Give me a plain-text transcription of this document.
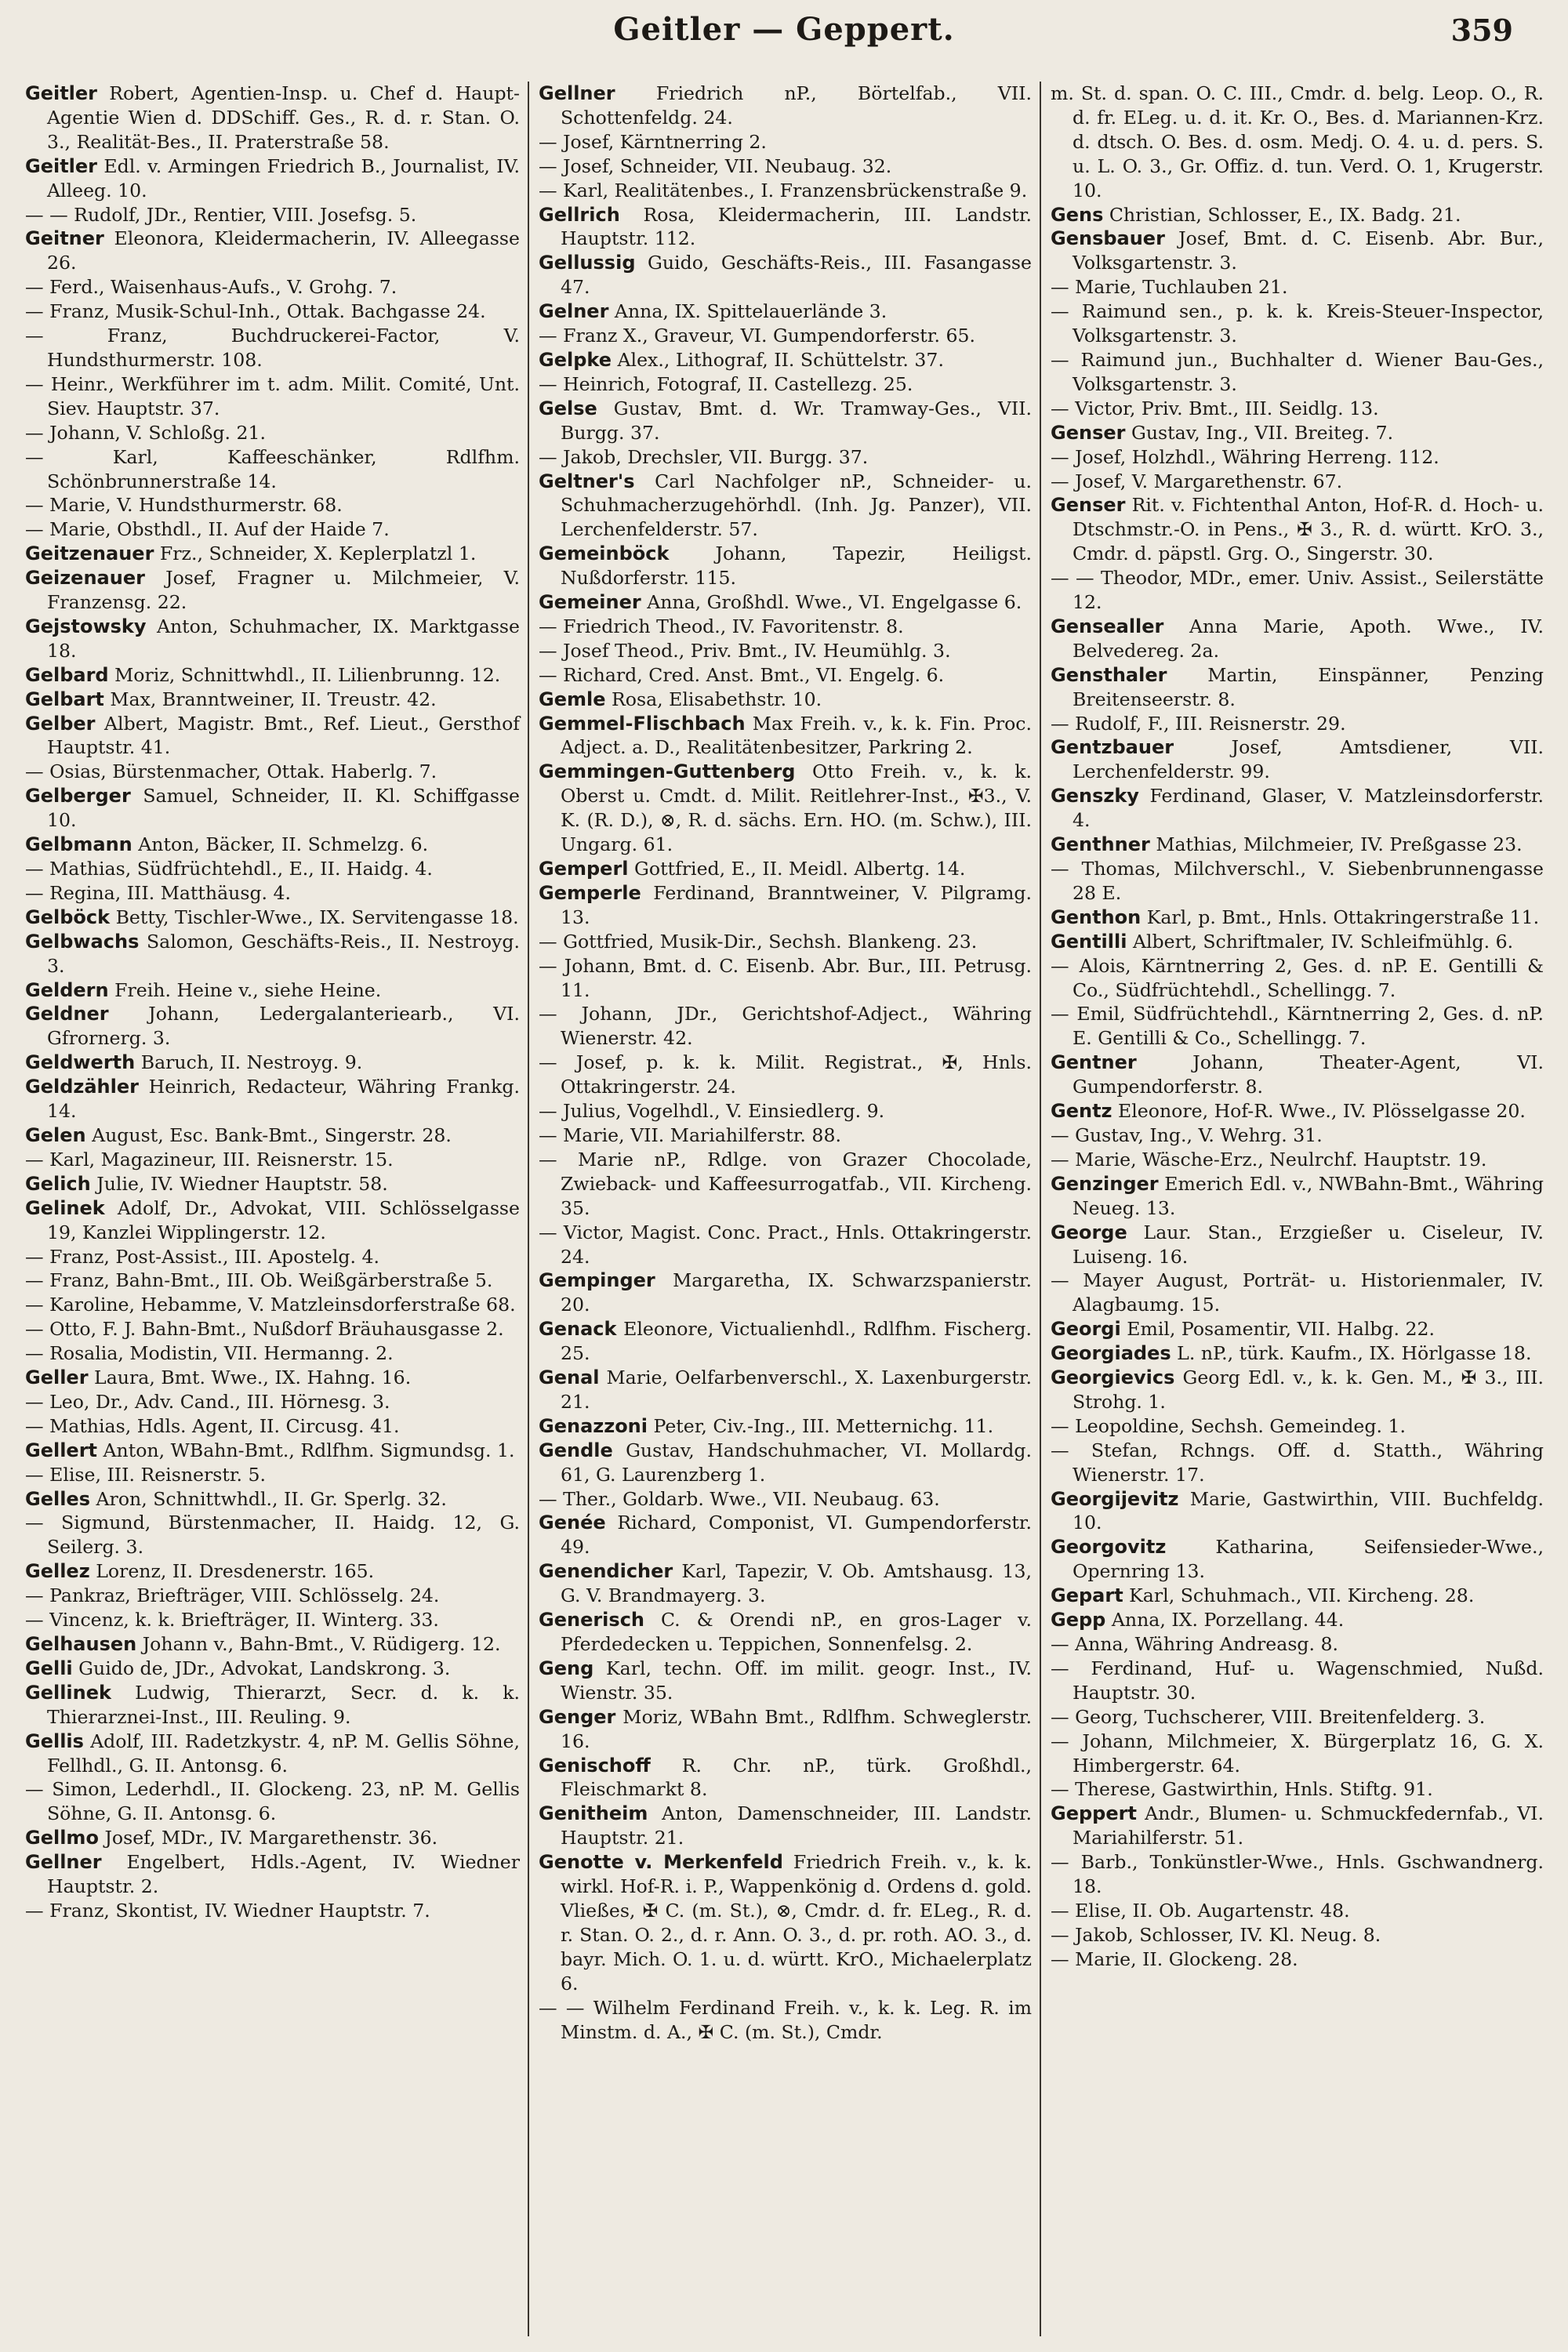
Geitler — Geppert.	359
Geitler Robert, Agentien-Insp. u. Chef d. Haupt-Agentie Wien d. DDSchiff. Ges., R. d. r. Stan. O. 3., Realität-Bes., II. Praterstraße 58.
Geitler Edl. v. Armingen Friedrich B., Journalist, IV. Alleeg. 10.
— — Rudolf, JDr., Rentier, VIII. Josefsg. 5.
Geitner Eleonora, Kleidermacherin, IV. Alleegasse 26.
— Ferd., Waisenhaus-Aufs., V. Grohg. 7.
— Franz, Musik-Schul-Inh., Ottak. Bachgasse 24.
— Franz, Buchdruckerei-Factor, V. Hundsthurmerstr. 108.
— Heinr., Werkführer im t. adm. Milit. Comité, Unt. Siev. Hauptstr. 37.
— Johann, V. Schloßg. 21.
— Karl, Kaffeeschänker, Rdlfhm. Schönbrunnerstraße 14.
— Marie, V. Hundsthurmerstr. 68.
— Marie, Obsthdl., II. Auf der Haide 7.
Geitzenauer Frz., Schneider, X. Keplerplatzl 1.
Geizenauer Josef, Fragner u. Milchmeier, V. Franzensg. 22.
Gejstowsky Anton, Schuhmacher, IX. Marktgasse 18.
Gelbard Moriz, Schnittwhdl., II. Lilienbrunng. 12.
Gelbart Max, Branntweiner, II. Treustr. 42.
Gelber Albert, Magistr. Bmt., Ref. Lieut., Gersthof Hauptstr. 41.
— Osias, Bürstenmacher, Ottak. Haberlg. 7.
Gelberger Samuel, Schneider, II. Kl. Schiffgasse 10.
Gelbmann Anton, Bäcker, II. Schmelzg. 6.
— Mathias, Südfrüchtehdl., E., II. Haidg. 4.
— Regina, III. Matthäusg. 4.
Gelböck Betty, Tischler-Wwe., IX. Servitengasse 18.
Gelbwachs Salomon, Geschäfts-Reis., II. Nestroyg. 3.
Geldern Freih. Heine v., siehe Heine.
Geldner Johann, Ledergalanteriearb., VI. Gfrornerg. 3.
Geldwerth Baruch, II. Nestroyg. 9.
Geldzähler Heinrich, Redacteur, Währing Frankg. 14.
Gelen August, Esc. Bank-Bmt., Singerstr. 28.
— Karl, Magazineur, III. Reisnerstr. 15.
Gelich Julie, IV. Wiedner Hauptstr. 58.
Gelinek Adolf, Dr., Advokat, VIII. Schlösselgasse 19, Kanzlei Wipplingerstr. 12.
— Franz, Post-Assist., III. Apostelg. 4.
— Franz, Bahn-Bmt., III. Ob. Weißgärberstraße 5.
— Karoline, Hebamme, V. Matzleinsdorferstraße 68.
— Otto, F. J. Bahn-Bmt., Nußdorf Bräuhausgasse 2.
— Rosalia, Modistin, VII. Hermanng. 2.
Geller Laura, Bmt. Wwe., IX. Hahng. 16.
— Leo, Dr., Adv. Cand., III. Hörnesg. 3.
— Mathias, Hdls. Agent, II. Circusg. 41.
Gellert Anton, WBahn-Bmt., Rdlfhm. Sigmundsg. 1.
— Elise, III. Reisnerstr. 5.
Gelles Aron, Schnittwhdl., II. Gr. Sperlg. 32.
— Sigmund, Bürstenmacher, II. Haidg. 12, G. Seilerg. 3.
Gellez Lorenz, II. Dresdenerstr. 165.
— Pankraz, Briefträger, VIII. Schlösselg. 24.
— Vincenz, k. k. Briefträger, II. Winterg. 33.
Gelhausen Johann v., Bahn-Bmt., V. Rüdigerg. 12.
Gelli Guido de, JDr., Advokat, Landskrong. 3.
Gellinek Ludwig, Thierarzt, Secr. d. k. k. Thierarznei-Inst., III. Reuling. 9.
Gellis Adolf, III. Radetzkystr. 4, nP. M. Gellis Söhne, Fellhdl., G. II. Antonsg. 6.
— Simon, Lederhdl., II. Glockeng. 23, nP. M. Gellis Söhne, G. II. Antonsg. 6.
Gellmo Josef, MDr., IV. Margarethenstr. 36.
Gellner Engelbert, Hdls.-Agent, IV. Wiedner Hauptstr. 2.
— Franz, Skontist, IV. Wiedner Hauptstr. 7.
Gellner Friedrich nP., Börtelfab., VII. Schottenfeldg. 24.
— Josef, Kärntnerring 2.
— Josef, Schneider, VII. Neubaug. 32.
— Karl, Realitätenbes., I. Franzensbrückenstraße 9.
Gellrich Rosa, Kleidermacherin, III. Landstr. Hauptstr. 112.
Gellussig Guido, Geschäfts-Reis., III. Fasangasse 47.
Gelner Anna, IX. Spittelauerlände 3.
— Franz X., Graveur, VI. Gumpendorferstr. 65.
Gelpke Alex., Lithograf, II. Schüttelstr. 37.
— Heinrich, Fotograf, II. Castellezg. 25.
Gelse Gustav, Bmt. d. Wr. Tramway-Ges., VII. Burgg. 37.
— Jakob, Drechsler, VII. Burgg. 37.
Geltner's Carl Nachfolger nP., Schneider- u. Schuhmacherzugehörhdl. (Inh. Jg. Panzer), VII. Lerchenfelderstr. 57.
Gemeinböck	Johann, Tapezir, Heiligst. Nußdorferstr. 115.
Gemeiner Anna, Großhdl. Wwe., VI. Engelgasse 6.
— Friedrich Theod., IV. Favoritenstr. 8.
— Josef Theod., Priv. Bmt., IV. Heumühlg. 3.
— Richard, Cred. Anst. Bmt., VI. Engelg. 6.
Gemle Rosa, Elisabethstr. 10.
Gemmel-Flischbach Max Freih. v., k. k. Fin. Proc. Adject. a. D., Realitätenbesitzer, Parkring 2.
Gemmingen-Guttenberg Otto Freih. v., k. k. Oberst u. Cmdt. d. Milit. Reitlehrer-Inst., ✠3., V. K. (R. D.), ⊗, R. d. sächs. Ern. HO. (m. Schw.), III. Ungarg. 61.
Gemperl Gottfried, E., II. Meidl. Albertg. 14.
Gemperle Ferdinand, Branntweiner, V. Pilgramg. 13.
— Gottfried, Musik-Dir., Sechsh. Blankeng. 23.
— Johann, Bmt. d. C. Eisenb. Abr. Bur., III. Petrusg. 11.
— Johann, JDr., Gerichtshof-Adject., Währing Wienerstr. 42.
— Josef, p. k. k. Milit. Registrat., ✠, Hnls. Ottakringerstr. 24.
— Julius, Vogelhdl., V. Einsiedlerg. 9.
— Marie, VII. Mariahilferstr. 88.
— Marie nP., Rdlge. von Grazer Chocolade, Zwieback- und Kaffeesurrogatfab., VII. Kircheng. 35.
— Victor, Magist. Conc. Pract., Hnls. Ottakringerstr. 24.
Gempinger Margaretha, IX. Schwarzspanierstr. 20.
Genack Eleonore, Victualienhdl., Rdlfhm. Fischerg. 25.
Genal Marie, Oelfarbenverschl., X. Laxenburgerstr. 21.
Genazzoni Peter, Civ.-Ing., III. Metternichg. 11.
Gendle Gustav, Handschuhmacher, VI. Mollardg. 61, G. Laurenzberg 1.
— Ther., Goldarb. Wwe., VII. Neubaug. 63.
Genée Richard, Componist, VI. Gumpendorferstr. 49.
Genendicher Karl, Tapezir, V. Ob. Amtshausg. 13, G. V. Brandmayerg. 3.
Generisch C. & Orendi nP., en gros-Lager v. Pferdedecken u. Teppichen, Sonnenfelsg. 2.
Geng Karl, techn. Off. im milit. geogr. Inst., IV. Wienstr. 35.
Genger Moriz, WBahn Bmt., Rdlfhm. Schweglerstr. 16.
Genischoff R. Chr. nP., türk. Großhdl., Fleischmarkt 8.
Genitheim Anton, Damenschneider, III. Landstr. Hauptstr. 21.
Genotte v. Merkenfeld Friedrich Freih. v., k. k. wirkl. Hof-R. i. P., Wappenkönig d. Ordens d. gold. Vließes, ✠ C. (m. St.), ⊗, Cmdr. d. fr. ELeg., R. d. r. Stan. O. 2., d. r. Ann. O. 3., d. pr. roth. AO. 3., d. bayr. Mich. O. 1. u. d. württ. KrO., Michaelerplatz 6.
— — Wilhelm Ferdinand Freih. v., k. k. Leg. R. im Minstm. d. A., ✠ C. (m. St.), Cmdr.
m. St. d. span. O. C. III., Cmdr. d. belg. Leop. O., R. d. fr. ELeg. u. d. it. Kr. O., Bes. d. Mariannen-Krz. d. dtsch. O. Bes. d. osm. Medj. O. 4. u. d. pers. S. u. L. O. 3., Gr. Offiz. d. tun. Verd. O. 1, Krugerstr. 10.
Gens Christian, Schlosser, E., IX. Badg. 21.
Gensbauer Josef, Bmt. d. C. Eisenb. Abr. Bur., Volksgartenstr. 3.
— Marie, Tuchlauben 21.
— Raimund sen., p. k. k. Kreis-Steuer-Inspector, Volksgartenstr. 3.
— Raimund jun., Buchhalter d. Wiener Bau-Ges., Volksgartenstr. 3.
— Victor, Priv. Bmt., III. Seidlg. 13.
Genser Gustav, Ing., VII. Breiteg. 7.
— Josef, Holzhdl., Währing Herreng. 112.
— Josef, V. Margarethenstr. 67.
Genser Rit. v. Fichtenthal Anton, Hof-R. d. Hoch- u. Dtschmstr.-O. in Pens., ✠ 3., R. d. württ. KrO. 3., Cmdr. d. päpstl. Grg. O., Singerstr. 30.
— — Theodor, MDr., emer. Univ. Assist., Seilerstätte 12.
Gensealler Anna Marie, Apoth. Wwe., IV. Belvedereg. 2a.
Gensthaler Martin, Einspänner, Penzing Breitenseerstr. 8.
— Rudolf, F., III. Reisnerstr. 29.
Gentzbauer	Josef, Amtsdiener, VII. Lerchenfelderstr. 99.
Genszky Ferdinand, Glaser, V. Matzleinsdorferstr. 4.
Genthner Mathias, Milchmeier, IV. Preßgasse 23.
— Thomas, Milchverschl., V. Siebenbrunnengasse 28 E.
Genthon Karl, p. Bmt., Hnls. Ottakringerstraße 11.
Gentilli Albert, Schriftmaler, IV. Schleifmühlg. 6.
— Alois, Kärntnerring 2, Ges. d. nP. E. Gentilli & Co., Südfrüchtehdl., Schellingg. 7.
— Emil, Südfrüchtehdl., Kärntnerring 2, Ges. d. nP. E. Gentilli & Co., Schellingg. 7.
Gentner	Johann, Theater-Agent, VI. Gumpendorferstr. 8.
Gentz Eleonore, Hof-R. Wwe., IV. Plösselgasse 20.
— Gustav, Ing., V. Wehrg. 31.
— Marie, Wäsche-Erz., Neulrchf. Hauptstr. 19.
Genzinger Emerich Edl. v., NWBahn-Bmt., Währing Neueg. 13.
George Laur. Stan., Erzgießer u. Ciseleur, IV. Luiseng. 16.
— Mayer August, Porträt- u. Historienmaler, IV. Alagbaumg. 15.
Georgi Emil, Posamentir, VII. Halbg. 22.
Georgiades L. nP., türk. Kaufm., IX. Hörlgasse 18.
Georgievics Georg Edl. v., k. k. Gen. M., ✠ 3., III. Strohg. 1.
— Leopoldine, Sechsh. Gemeindeg. 1.
— Stefan, Rchngs. Off. d. Statth., Währing Wienerstr. 17.
Georgijevitz Marie, Gastwirthin, VIII. Buchfeldg. 10.
Georgovitz	Katharina, Seifensieder-Wwe., Opernring 13.
Gepart Karl, Schuhmach., VII. Kircheng. 28.
Gepp Anna, IX. Porzellang. 44.
— Anna, Währing Andreasg. 8.
— Ferdinand, Huf- u. Wagenschmied, Nußd. Hauptstr. 30.
— Georg, Tuchscherer, VIII. Breitenfelderg. 3.
— Johann, Milchmeier, X. Bürgerplatz 16, G. X. Himbergerstr. 64.
— Therese, Gastwirthin, Hnls. Stiftg. 91.
Geppert Andr., Blumen- u. Schmuckfedernfab., VI. Mariahilferstr. 51.
— Barb., Tonkünstler-Wwe., Hnls. Gschwandnerg. 18.
— Elise, II. Ob. Augartenstr. 48.
— Jakob, Schlosser, IV. Kl. Neug. 8.
— Marie, II. Glockeng. 28.
